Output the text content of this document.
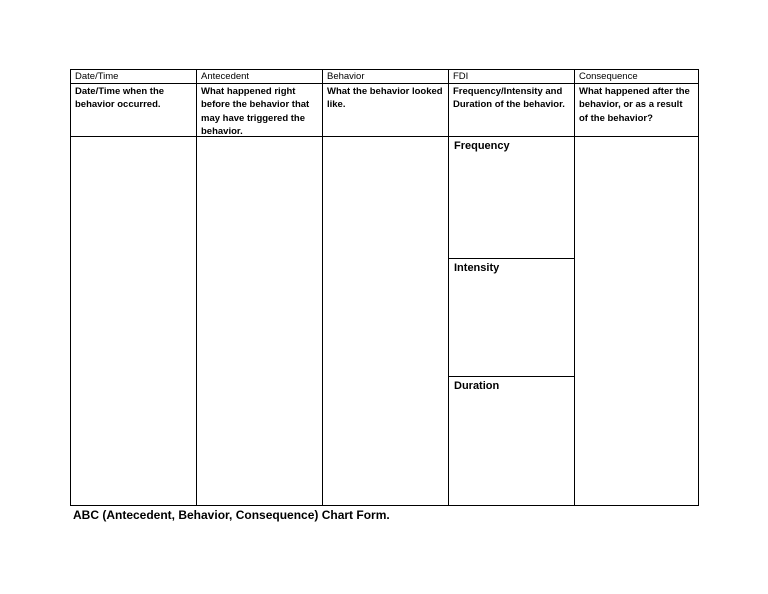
Date/Time
Date/Time when the behavior occurred.
Antecedent
What happened right before the behavior that may have triggered the behavior.
Behavior
What the behavior looked like.
FDI
Frequency/Intensity and Duration of the behavior.
Frequency
Intensity
Duration
Consequence
What happened after the behavior, or as a result of the behavior?
ABC (Antecedent, Behavior, Consequence) Chart Form.
